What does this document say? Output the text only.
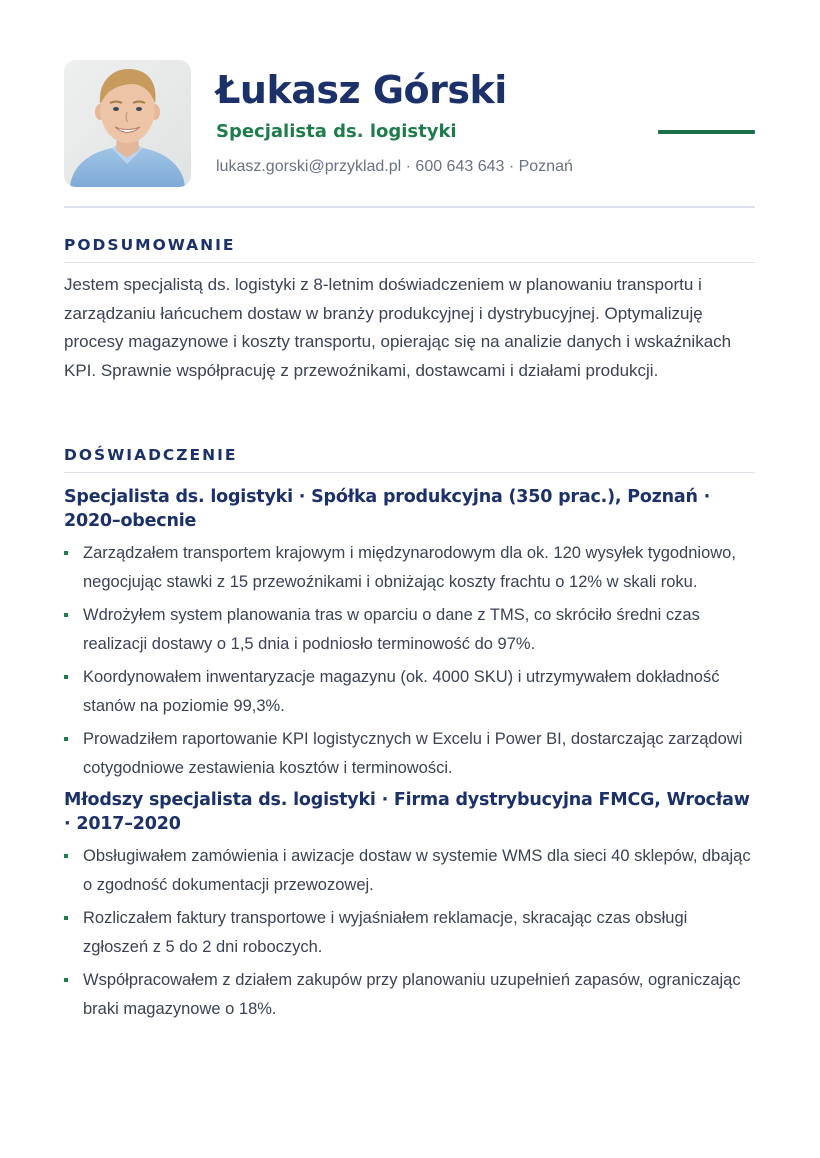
Łukasz Górski
Specjalista ds. logistyki
lukasz.gorski@przyklad.pl · 600 643 643 · Poznań
PODSUMOWANIE

Jestem specjalistą ds. logistyki z 8-letnim doświadczeniem w planowaniu transportu i zarządzaniu łańcuchem dostaw w branży produkcyjnej i dystrybucyjnej. Optymalizuję procesy magazynowe i koszty transportu, opierając się na analizie danych i wskaźnikach KPI. Sprawnie współpracuję z przewoźnikami, dostawcami i działami produkcji.

DOŚWIADCZENIE
Specjalista ds. logistyki · Spółka produkcyjna (350 prac.), Poznań · 2020–obecnie
Zarządzałem transportem krajowym i międzynarodowym dla ok. 120 wysyłek tygodniowo, negocjując stawki z 15 przewoźnikami i obniżając koszty frachtu o 12% w skali roku.
Wdrożyłem system planowania tras w oparciu o dane z TMS, co skróciło średni czas realizacji dostawy o 1,5 dnia i podniosło terminowość do 97%.
Koordynowałem inwentaryzacje magazynu (ok. 4000 SKU) i utrzymywałem dokładność stanów na poziomie 99,3%.
Prowadziłem raportowanie KPI logistycznych w Excelu i Power BI, dostarczając zarządowi cotygodniowe zestawienia kosztów i terminowości.
Młodszy specjalista ds. logistyki · Firma dystrybucyjna FMCG, Wrocław · 2017–2020
Obsługiwałem zamówienia i awizacje dostaw w systemie WMS dla sieci 40 sklepów, dbając o zgodność dokumentacji przewozowej.
Rozliczałem faktury transportowe i wyjaśniałem reklamacje, skracając czas obsługi zgłoszeń z 5 do 2 dni roboczych.
Współpracowałem z działem zakupów przy planowaniu uzupełnień zapasów, ograniczając braki magazynowe o 18%.
